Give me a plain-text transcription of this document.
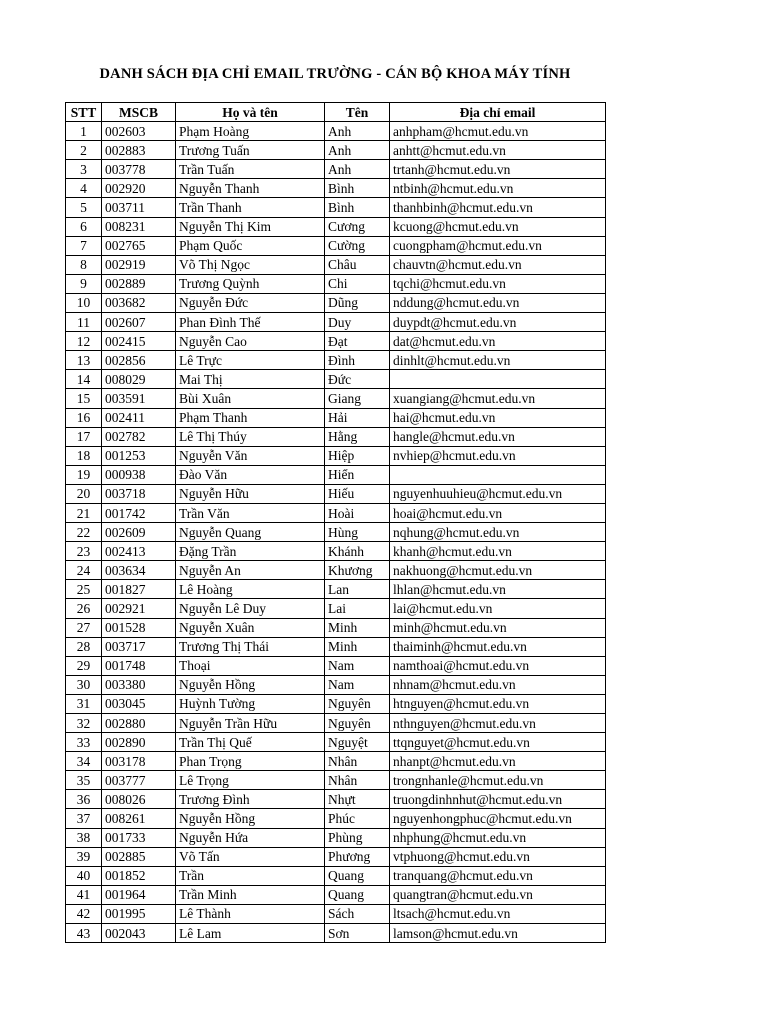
DANH SÁCH ĐỊA CHỈ EMAIL TRƯỜNG - CÁN BỘ KHOA MÁY TÍNH
STT	MSCB	Họ và tên	Tên	Địa chỉ email
1	002603	Phạm Hoàng	Anh	anhpham@hcmut.edu.vn
2	002883	Trương Tuấn	Anh	anhtt@hcmut.edu.vn
3	003778	Trần Tuấn	Anh	trtanh@hcmut.edu.vn
4	002920	Nguyễn Thanh	Bình	ntbinh@hcmut.edu.vn
5	003711	Trần Thanh	Bình	thanhbinh@hcmut.edu.vn
6	008231	Nguyễn Thị Kim	Cương	kcuong@hcmut.edu.vn
7	002765	Phạm Quốc	Cường	cuongpham@hcmut.edu.vn
8	002919	Võ Thị Ngọc	Châu	chauvtn@hcmut.edu.vn
9	002889	Trương Quỳnh	Chi	tqchi@hcmut.edu.vn
10	003682	Nguyễn Đức	Dũng	nddung@hcmut.edu.vn
11	002607	Phan Đình Thế	Duy	duypdt@hcmut.edu.vn
12	002415	Nguyễn Cao	Đạt	dat@hcmut.edu.vn
13	002856	Lê Trực	Đình	dinhlt@hcmut.edu.vn
14	008029	Mai Thị	Đức	
15	003591	Bùi Xuân	Giang	xuangiang@hcmut.edu.vn
16	002411	Phạm Thanh	Hải	hai@hcmut.edu.vn
17	002782	Lê Thị Thúy	Hằng	hangle@hcmut.edu.vn
18	001253	Nguyễn Văn	Hiệp	nvhiep@hcmut.edu.vn
19	000938	Đào Văn	Hiển	
20	003718	Nguyễn Hữu	Hiếu	nguyenhuuhieu@hcmut.edu.vn
21	001742	Trần Văn	Hoài	hoai@hcmut.edu.vn
22	002609	Nguyễn Quang	Hùng	nqhung@hcmut.edu.vn
23	002413	Đặng Trần	Khánh	khanh@hcmut.edu.vn
24	003634	Nguyễn An	Khương	nakhuong@hcmut.edu.vn
25	001827	Lê Hoàng	Lan	lhlan@hcmut.edu.vn
26	002921	Nguyễn Lê Duy	Lai	lai@hcmut.edu.vn
27	001528	Nguyễn Xuân	Minh	minh@hcmut.edu.vn
28	003717	Trương Thị Thái	Minh	thaiminh@hcmut.edu.vn
29	001748	Thoại	Nam	namthoai@hcmut.edu.vn
30	003380	Nguyễn Hồng	Nam	nhnam@hcmut.edu.vn
31	003045	Huỳnh Tường	Nguyên	htnguyen@hcmut.edu.vn
32	002880	Nguyễn Trần Hữu	Nguyên	nthnguyen@hcmut.edu.vn
33	002890	Trần Thị Quế	Nguyệt	ttqnguyet@hcmut.edu.vn
34	003178	Phan Trọng	Nhân	nhanpt@hcmut.edu.vn
35	003777	Lê Trọng	Nhân	trongnhanle@hcmut.edu.vn
36	008026	Trương Đình	Nhựt	truongdinhnhut@hcmut.edu.vn
37	008261	Nguyễn Hồng	Phúc	nguyenhongphuc@hcmut.edu.vn
38	001733	Nguyễn Hứa	Phùng	nhphung@hcmut.edu.vn
39	002885	Võ Tấn	Phương	vtphuong@hcmut.edu.vn
40	001852	Trần	Quang	tranquang@hcmut.edu.vn
41	001964	Trần Minh	Quang	quangtran@hcmut.edu.vn
42	001995	Lê Thành	Sách	ltsach@hcmut.edu.vn
43	002043	Lê Lam	Sơn	lamson@hcmut.edu.vn
